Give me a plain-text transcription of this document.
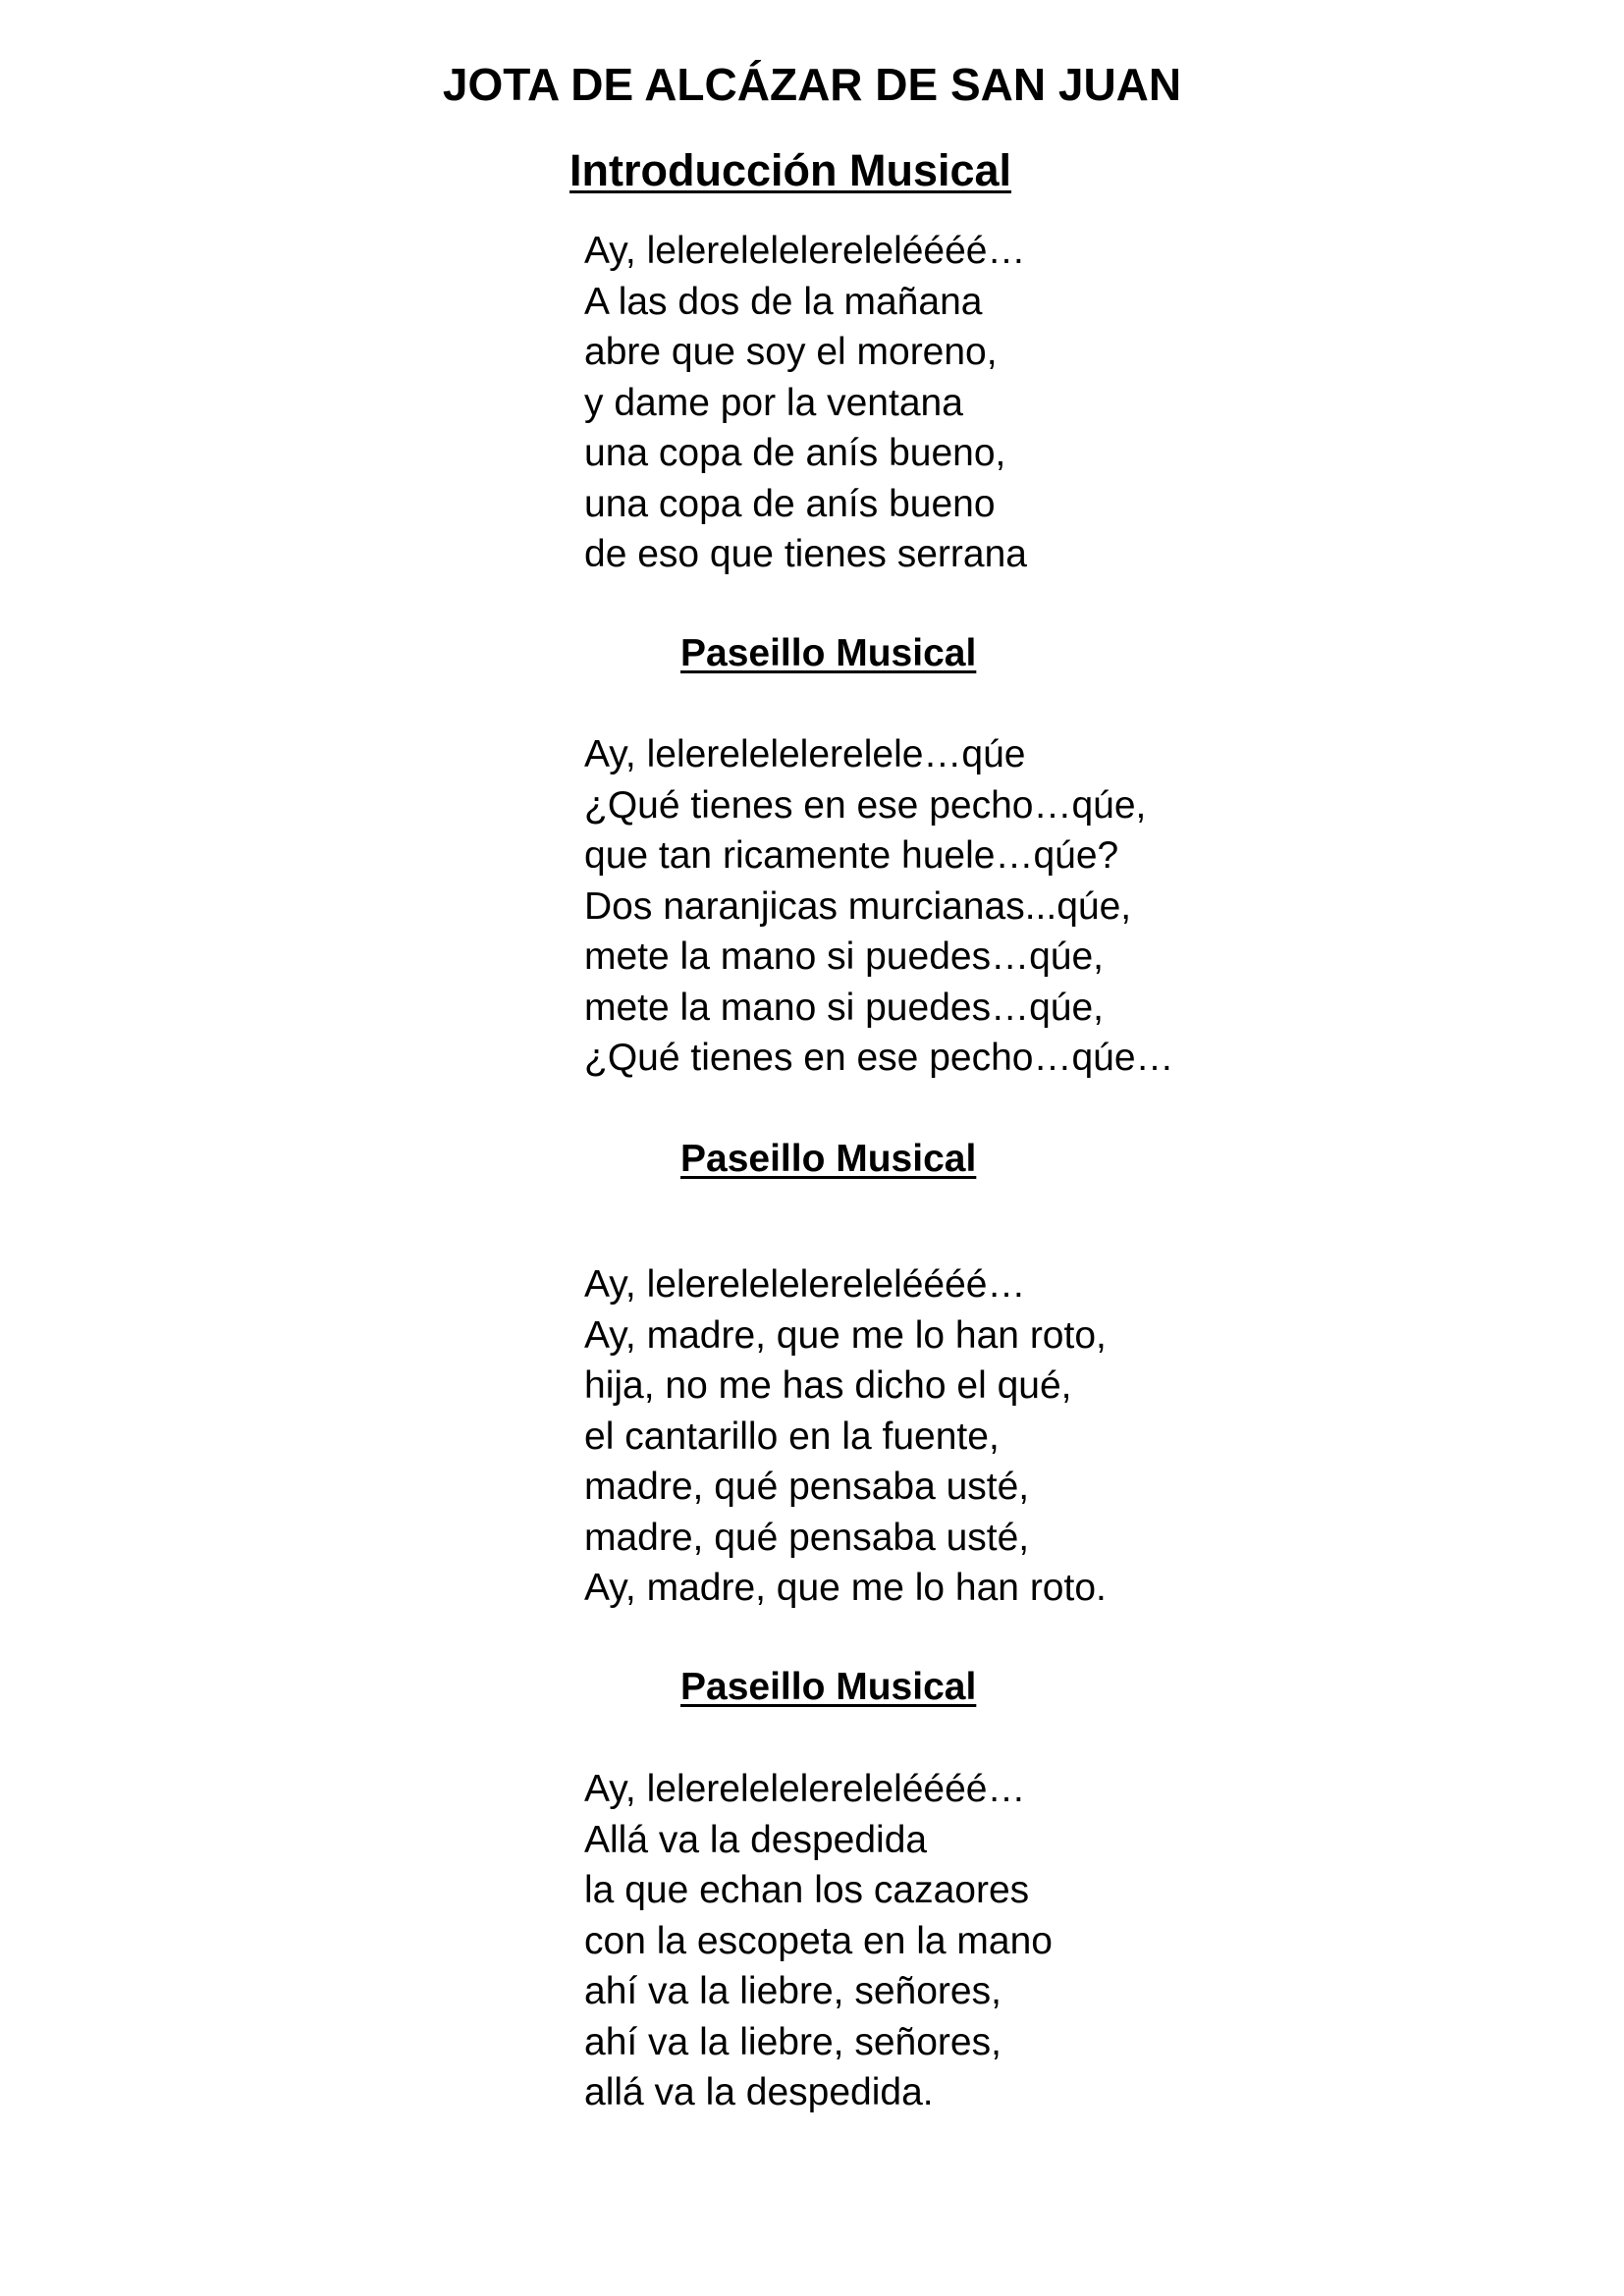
JOTA DE ALCÁZAR DE SAN JUAN
Introducción Musical
Ay, lelerelelelereleléééé…
A las dos de la mañana
abre que soy el moreno,
y dame por la ventana
una copa de anís bueno,
una copa de anís bueno
de eso que tienes serrana
Paseillo Musical
Ay, lelerelelelerelele…qúe
¿Qué tienes en ese pecho…qúe,
que tan ricamente huele…qúe?
Dos naranjicas murcianas...qúe,
mete la mano si puedes…qúe,
mete la mano si puedes…qúe,
¿Qué tienes en ese pecho…qúe…
Paseillo Musical
Ay, lelerelelelereleléééé…
Ay, madre, que me lo han roto,
hija, no me has dicho el qué,
el cantarillo en la fuente,
madre, qué pensaba usté,
madre, qué pensaba usté,
Ay, madre, que me lo han roto.
Paseillo Musical
Ay, lelerelelelereleléééé…
Allá va la despedida
la que echan los cazaores
con la escopeta en la mano
ahí va la liebre, señores,
ahí va la liebre, señores,
allá va la despedida.
